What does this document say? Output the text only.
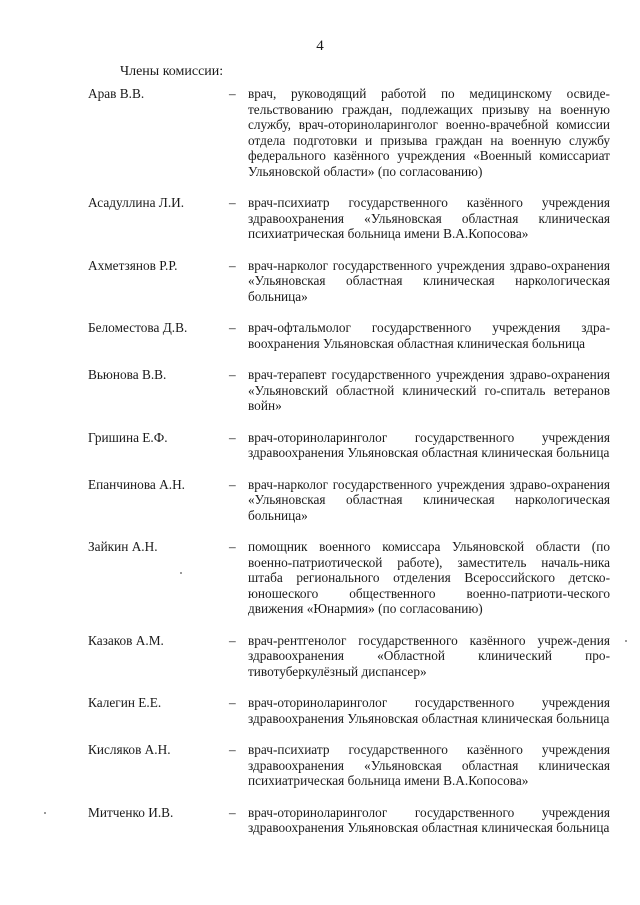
4
Члены комиссии:
Арав В.В.	– врач, руководящий работой по медицинскому освиде-тельствованию граждан, подлежащих призыву на военную службу, врач-оториноларинголог военно-врачебной комиссии отдела подготовки и призыва граждан на военную службу федерального казённого учреждения «Военный комиссариат Ульяновской области» (по согласованию)
Асадуллина Л.И.	– врач-психиатр государственного казённого учреждения здравоохранения «Ульяновская областная клиническая психиатрическая больница имени В.А.Копосова»
Ахметзянов Р.Р.	– врач-нарколог государственного учреждения здраво-охранения «Ульяновская областная клиническая наркологическая больница»
Беломестова Д.В.	– врач-офтальмолог государственного учреждения здра-воохранения Ульяновская областная клиническая больница
Вьюнова В.В.	– врач-терапевт государственного учреждения здраво-охранения «Ульяновский областной клинический го-спиталь ветеранов войн»
Гришина Е.Ф.	– врач-оториноларинголог государственного учреждения здравоохранения Ульяновская областная клиническая больница
Епанчинова А.Н.	– врач-нарколог государственного учреждения здраво-охранения «Ульяновская областная клиническая наркологическая больница»
Зайкин А.Н.	– помощник военного комиссара Ульяновской области (по военно-патриотической работе), заместитель началь-ника штаба регионального отделения Всероссийского детско-юношеского общественного военно-патриоти-ческого движения «Юнармия» (по согласованию)
Казаков А.М.	– врач-рентгенолог государственного казённого учреж-дения здравоохранения «Областной клинический про-тивотуберкулёзный диспансер»
Калегин Е.Е.	– врач-оториноларинголог государственного учреждения здравоохранения Ульяновская областная клиническая больница
Кисляков А.Н.	– врач-психиатр государственного казённого учреждения здравоохранения «Ульяновская областная клиническая психиатрическая больница имени В.А.Копосова»
Митченко И.В.	– врач-оториноларинголог государственного учреждения здравоохранения Ульяновская областная клиническая больница
